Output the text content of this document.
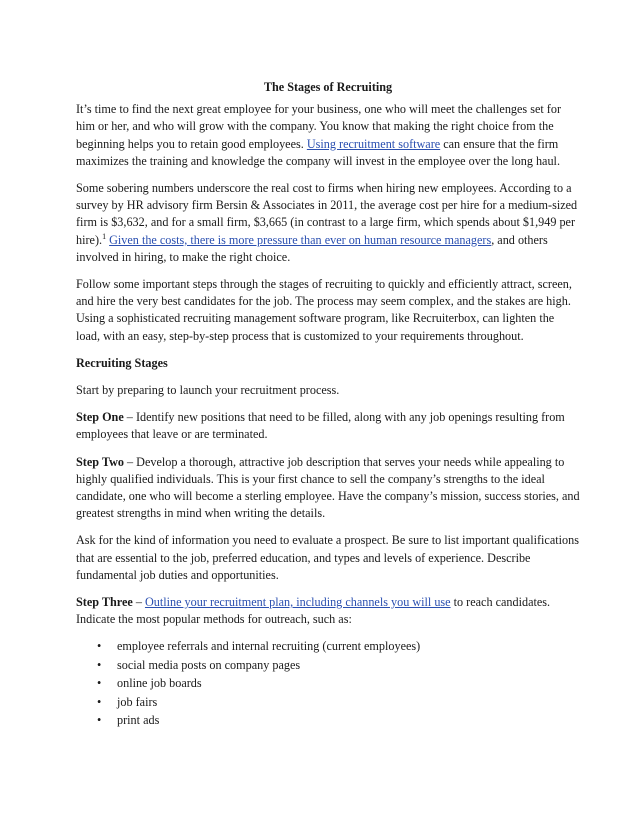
The Stages of Recruiting

It’s time to find the next great employee for your business, one who will meet the challenges set for him or her, and who will grow with the company. You know that making the right choice from the beginning helps you to retain good employees. Using recruitment software can ensure that the firm maximizes the training and knowledge the company will invest in the employee over the long haul.

Some sobering numbers underscore the real cost to firms when hiring new employees. According to a survey by HR advisory firm Bersin & Associates in 2011, the average cost per hire for a medium-sized firm is $3,632, and for a small firm, $3,665 (in contrast to a large firm, which spends about $1,949 per hire).$^1$ Given the costs, there is more pressure than ever on human resource managers, and others involved in hiring, to make the right choice.

Follow some important steps through the stages of recruiting to quickly and efficiently attract, screen, and hire the very best candidates for the job. The process may seem complex, and the stakes are high. Using a sophisticated recruiting management software program, like Recruiterbox, can lighten the load, with an easy, step-by-step process that is customized to your requirements throughout.

Recruiting Stages

Start by preparing to launch your recruitment process.

Step One – Identify new positions that need to be filled, along with any job openings resulting from employees that leave or are terminated.

Step Two – Develop a thorough, attractive job description that serves your needs while appealing to highly qualified individuals. This is your first chance to sell the company’s strengths to the ideal candidate, one who will become a sterling employee. Have the company’s mission, success stories, and greatest strengths in mind when writing the details.

Ask for the kind of information you need to evaluate a prospect. Be sure to list important qualifications that are essential to the job, preferred education, and types and levels of experience. Describe fundamental job duties and opportunities.

Step Three – Outline your recruitment plan, including channels you will use to reach candidates. Indicate the most popular methods for outreach, such as:

• employee referrals and internal recruiting (current employees)
• social media posts on company pages
• online job boards
• job fairs
• print ads
